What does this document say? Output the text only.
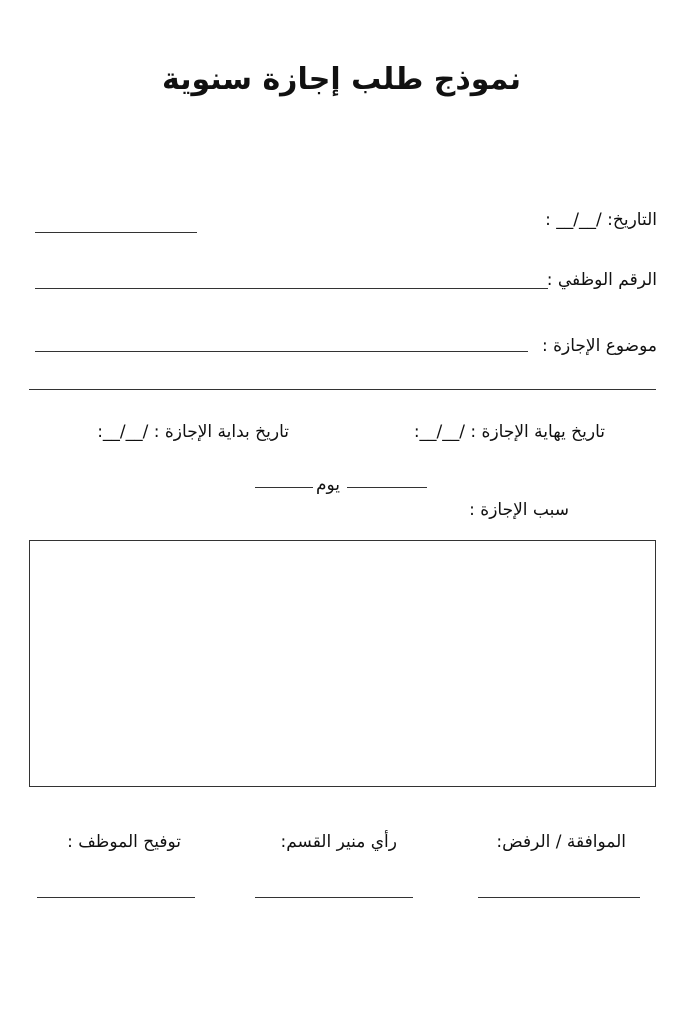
نموذج طلب إجازة سنوية
التاريخ: /__/__ :
الرقم الوظفي :
موضوع الإجازة :
تاريخ يهاية الإجازة : /__/__:
تاريخ بداية الإجازة : /__/__:
يوم
سبب الإجازة :
الموافقة / الرفض:
رأي منير القسم:
توفيح الموظف :
